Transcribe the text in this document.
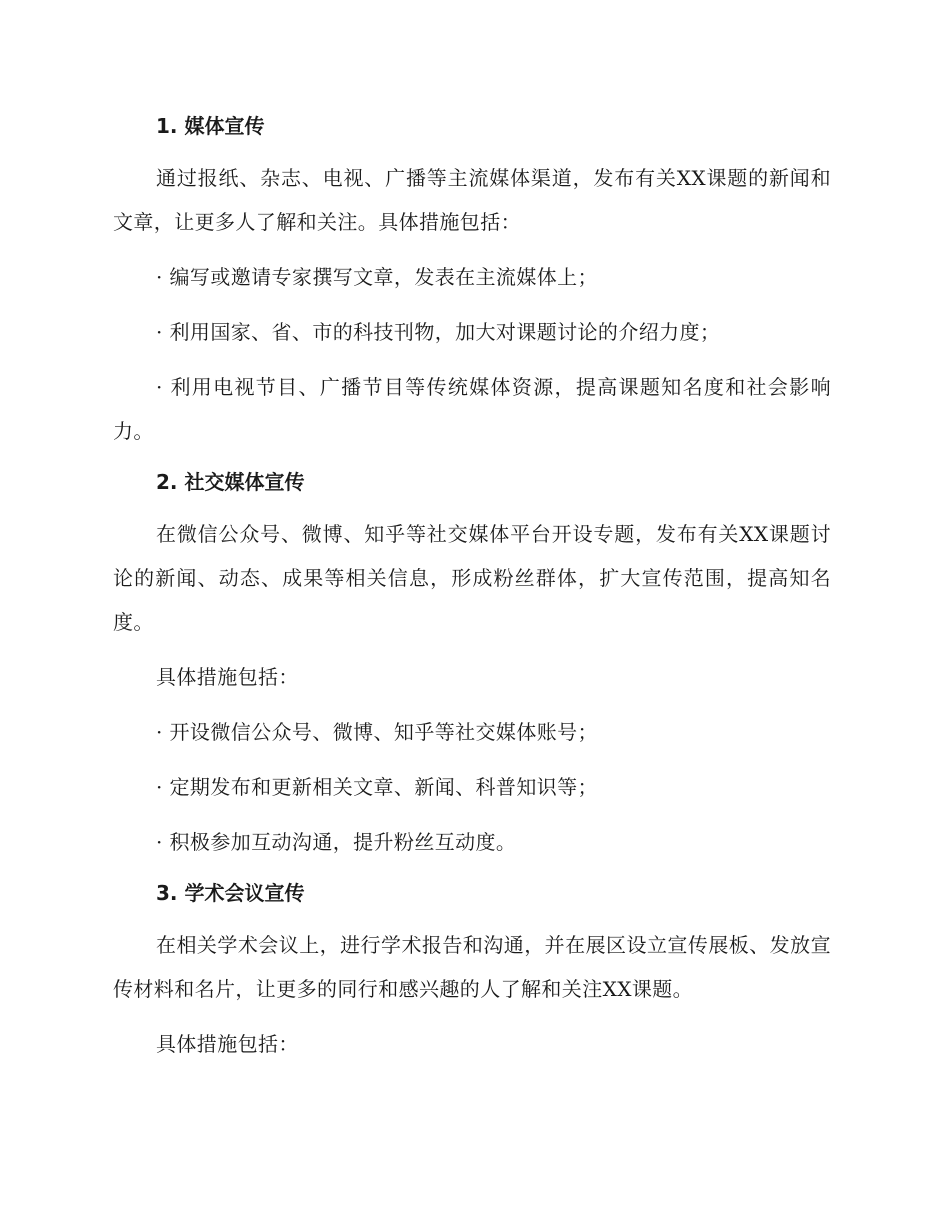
1. 媒体宣传

通过报纸、杂志、电视、广播等主流媒体渠道，发布有关XX课题的新闻和文章，让更多人了解和关注。具体措施包括：

· 编写或邀请专家撰写文章，发表在主流媒体上；

· 利用国家、省、市的科技刊物，加大对课题讨论的介绍力度；

· 利用电视节目、广播节目等传统媒体资源，提高课题知名度和社会影响力。

2. 社交媒体宣传

在微信公众号、微博、知乎等社交媒体平台开设专题，发布有关XX课题讨论的新闻、动态、成果等相关信息，形成粉丝群体，扩大宣传范围，提高知名度。

具体措施包括：

· 开设微信公众号、微博、知乎等社交媒体账号；

· 定期发布和更新相关文章、新闻、科普知识等；

· 积极参加互动沟通，提升粉丝互动度。

3. 学术会议宣传

在相关学术会议上，进行学术报告和沟通，并在展区设立宣传展板、发放宣传材料和名片，让更多的同行和感兴趣的人了解和关注XX课题。

具体措施包括：
